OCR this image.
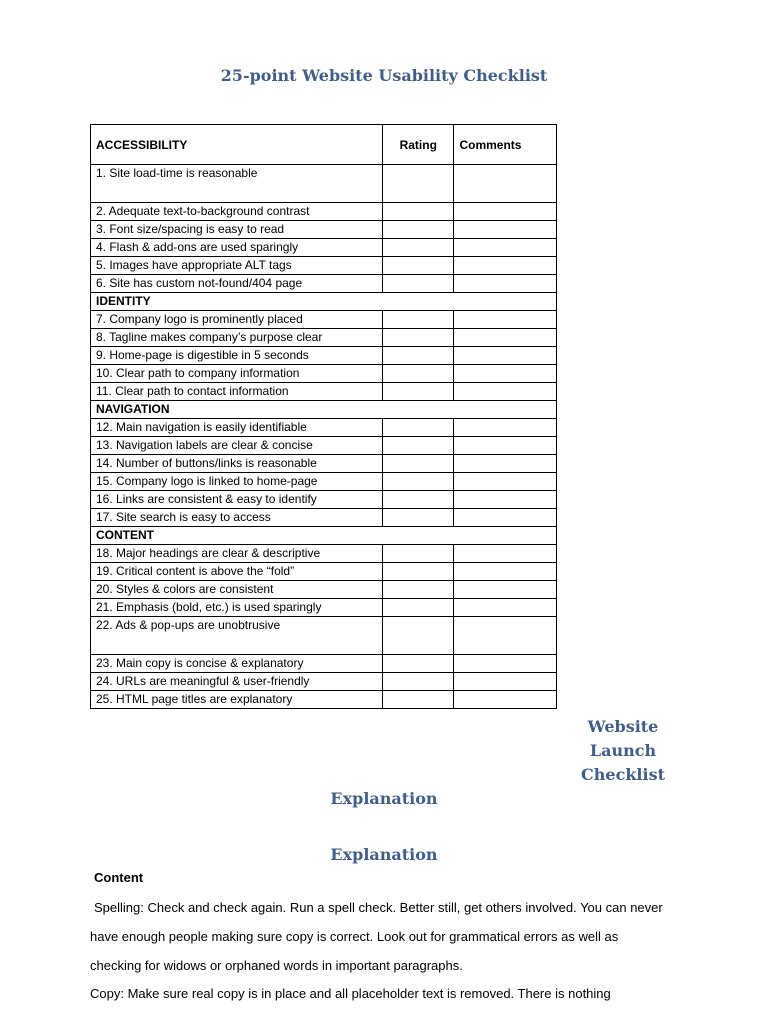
25-point Website Usability Checklist
ACCESSIBILITY	Rating	Comments
1. Site load-time is reasonable		
2. Adequate text-to-background contrast		
3. Font size/spacing is easy to read		
4. Flash & add-ons are used sparingly		
5. Images have appropriate ALT tags		
6. Site has custom not-found/404 page		
IDENTITY		
7. Company logo is prominently placed		
8. Tagline makes company’s purpose clear		
9. Home-page is digestible in 5 seconds		
10. Clear path to company information		
11. Clear path to contact information		
NAVIGATION		
12. Main navigation is easily identifiable		
13. Navigation labels are clear & concise		
14. Number of buttons/links is reasonable		
15. Company logo is linked to home-page		
16. Links are consistent & easy to identify		
17. Site search is easy to access		
CONTENT		
18. Major headings are clear & descriptive		
19. Critical content is above the “fold”		
20. Styles & colors are consistent		
21. Emphasis (bold, etc.) is used sparingly		
22. Ads & pop-ups are unobtrusive		
23. Main copy is concise & explanatory		
24. URLs are meaningful & user-friendly		
25. HTML page titles are explanatory		
Website
Launch
Checklist
Explanation
Explanation
Content
Spelling: Check and check again. Run a spell check. Better still, get others involved. You can never have enough people making sure copy is correct. Look out for grammatical errors as well as checking for widows or orphaned words in important paragraphs.
Copy: Make sure real copy is in place and all placeholder text is removed. There is nothing
